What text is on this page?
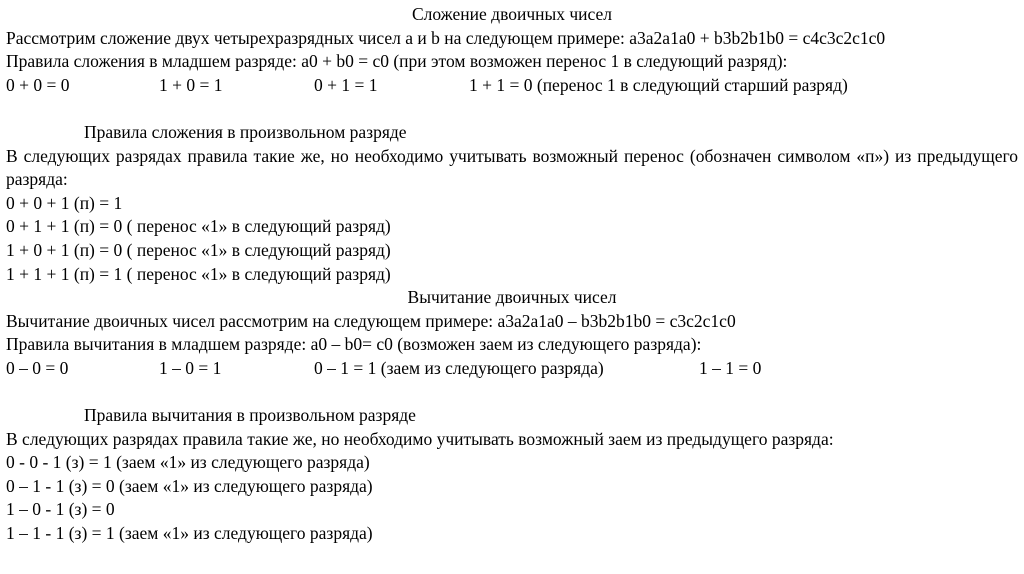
Сложение двоичных чисел
Рассмотрим сложение двух четырехразрядных чисел a и b на следующем примере: a3a2a1a0 + b3b2b1b0 = c4c3c2c1c0
Правила сложения в младшем разряде: a0 + b0 = c0 (при этом возможен перенос 1 в следующий разряд):
0 + 0 = 0	1 + 0 = 1	0 + 1 = 1	1 + 1 = 0 (перенос 1 в следующий старший разряд)
Правила сложения в произвольном разряде
В следующих разрядах правила такие же, но необходимо учитывать возможный перенос (обозначен символом «п») из предыдущего разряда:
0 + 0 + 1 (п) = 1
0 + 1 + 1 (п) = 0 ( перенос «1» в следующий разряд)
1 + 0 + 1 (п) = 0 ( перенос «1» в следующий разряд)
1 + 1 + 1 (п) = 1 ( перенос «1» в следующий разряд)
Вычитание двоичных чисел
Вычитание двоичных чисел рассмотрим на следующем примере: a3a2a1a0 – b3b2b1b0 = c3c2c1c0
Правила вычитания в младшем разряде: a0 – b0= c0 (возможен заем из следующего разряда):
0 – 0 = 0	1 – 0 = 1	0 – 1 = 1 (заем из следующего разряда)	1 – 1 = 0
Правила вычитания в произвольном разряде
В следующих разрядах правила такие же, но необходимо учитывать возможный заем из предыдущего разряда:
0 - 0 - 1 (з) = 1 (заем «1» из следующего разряда)
0 – 1 - 1 (з) = 0 (заем «1» из следующего разряда)
1 – 0 - 1 (з) = 0
1 – 1 - 1 (з) = 1 (заем «1» из следующего разряда)
